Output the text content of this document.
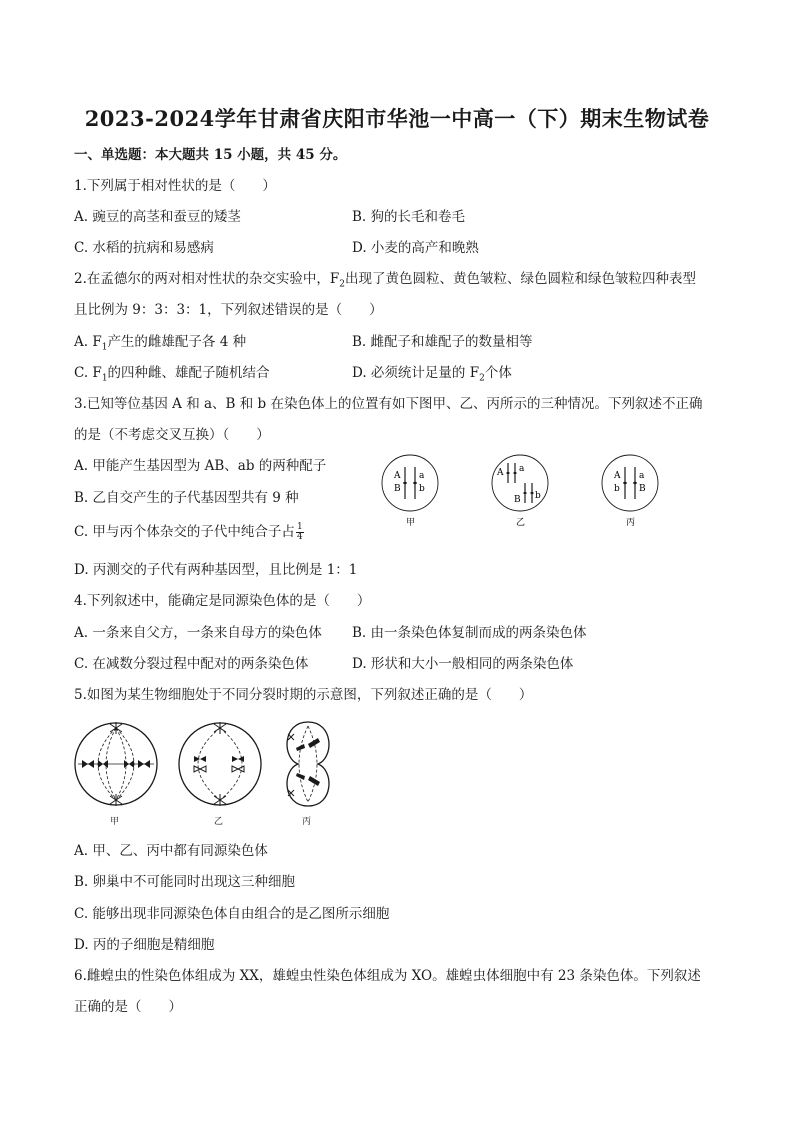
2023-2024学年甘肃省庆阳市华池一中高一（下）期末生物试卷
一、单选题：本大题共 15 小题，共 45 分。
1.下列属于相对性状的是（　　）
A. 豌豆的高茎和蚕豆的矮茎	B. 狗的长毛和卷毛
C. 水稻的抗病和易感病	D. 小麦的高产和晚熟
2.在孟德尔的两对相对性状的杂交实验中，$F_2$出现了黄色圆粒、黄色皱粒、绿色圆粒和绿色皱粒四种表型
且比例为 9：3：3：1，下列叙述错误的是（　　）
A. $F_1$产生的雌雄配子各 4 种	B. 雌配子和雄配子的数量相等
C. $F_1$的四种雌、雄配子随机结合	D. 必须统计足量的 $F_2$个体
3.已知等位基因 A 和 a、B 和 b 在染色体上的位置有如下图甲、乙、丙所示的三种情况。下列叙述不正确
的是（不考虑交叉互换）（　　）
A. 甲能产生基因型为 AB、ab 的两种配子
B. 乙自交产生的子代基因型共有 9 种
C. 甲与丙个体杂交的子代中纯合子占 $\frac{1}{4}$
D. 丙测交的子代有两种基因型，且比例是 1：1
A
B
a
b
甲
A a
B b
乙
A
b
a
B
丙
4.下列叙述中，能确定是同源染色体的是（　　）
A. 一条来自父方，一条来自母方的染色体 B. 由一条染色体复制而成的两条染色体
C. 在减数分裂过程中配对的两条染色体	D. 形状和大小一般相同的两条染色体
5.如图为某生物细胞处于不同分裂时期的示意图，下列叙述正确的是（　　）
甲	乙	丙
A. 甲、乙、丙中都有同源染色体
B. 卵巢中不可能同时出现这三种细胞
C. 能够出现非同源染色体自由组合的是乙图所示细胞
D. 丙的子细胞是精细胞
6.雌蝗虫的性染色体组成为 XX，雄蝗虫性染色体组成为 XO。雄蝗虫体细胞中有 23 条染色体。下列叙述
正确的是（　　）
